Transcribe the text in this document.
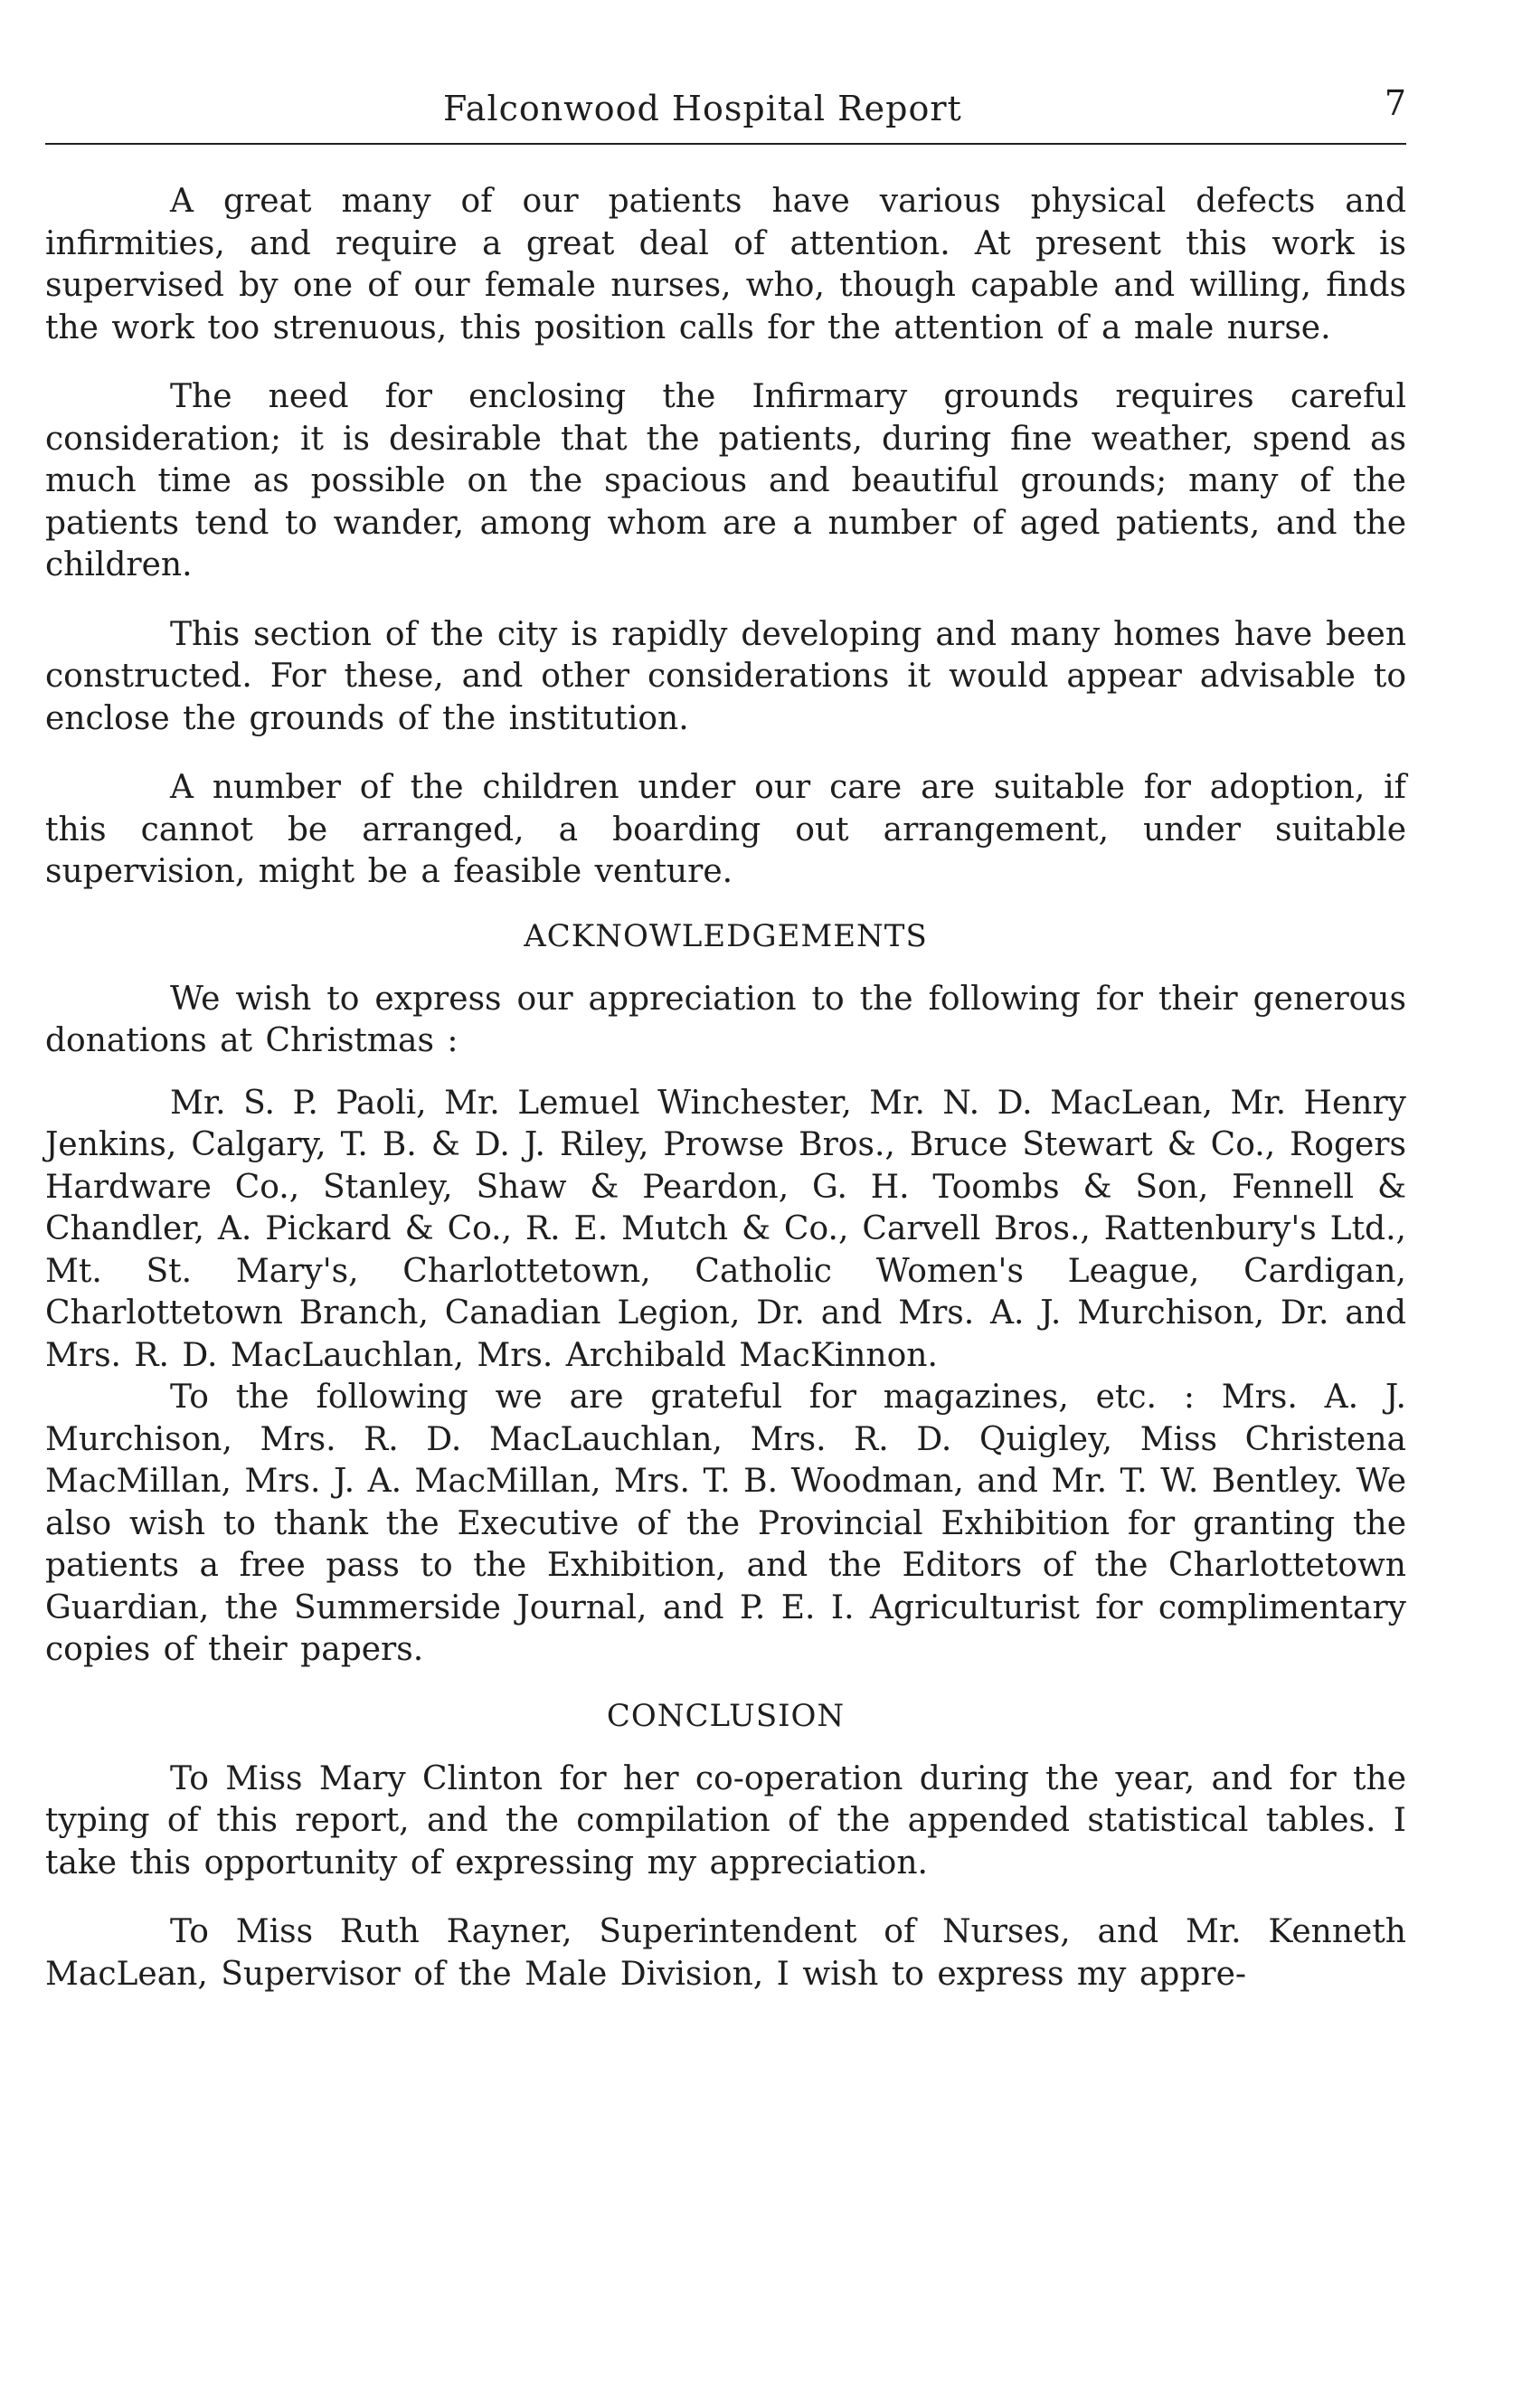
Falconwood Hospital Report	7

A great many of our patients have various physical defects and infirmities, and require a great deal of attention. At present this work is supervised by one of our female nurses, who, though capable and willing, finds the work too strenuous, this position calls for the attention of a male nurse.

The need for enclosing the Infirmary grounds requires careful consideration; it is desirable that the patients, during fine weather, spend as much time as possible on the spacious and beautiful grounds; many of the patients tend to wander, among whom are a number of aged patients, and the children.

This section of the city is rapidly developing and many homes have been constructed. For these, and other considerations it would appear advisable to enclose the grounds of the institution.

A number of the children under our care are suitable for adoption, if this cannot be arranged, a boarding out arrangement, under suitable supervision, might be a feasible venture.

ACKNOWLEDGEMENTS

We wish to express our appreciation to the following for their generous donations at Christmas :

Mr. S. P. Paoli, Mr. Lemuel Winchester, Mr. N. D. MacLean, Mr. Henry Jenkins, Calgary, T. B. & D. J. Riley, Prowse Bros., Bruce Stewart & Co., Rogers Hardware Co., Stanley, Shaw & Peardon, G. H. Toombs & Son, Fennell & Chandler, A. Pickard & Co., R. E. Mutch & Co., Carvell Bros., Rattenbury's Ltd., Mt. St. Mary's, Charlottetown, Catholic Women's League, Cardigan, Charlottetown Branch, Canadian Legion, Dr. and Mrs. A. J. Murchison, Dr. and Mrs. R. D. MacLauchlan, Mrs. Archibald MacKinnon.

To the following we are grateful for magazines, etc. : Mrs. A. J. Murchison, Mrs. R. D. MacLauchlan, Mrs. R. D. Quigley, Miss Christena MacMillan, Mrs. J. A. MacMillan, Mrs. T. B. Woodman, and Mr. T. W. Bentley. We also wish to thank the Executive of the Provincial Exhibition for granting the patients a free pass to the Exhibition, and the Editors of the Charlottetown Guardian, the Summerside Journal, and P. E. I. Agriculturist for complimentary copies of their papers.

CONCLUSION

To Miss Mary Clinton for her co-operation during the year, and for the typing of this report, and the compilation of the appended statistical tables. I take this opportunity of expressing my appreciation.

To Miss Ruth Rayner, Superintendent of Nurses, and Mr. Kenneth MacLean, Supervisor of the Male Division, I wish to express my appre-
